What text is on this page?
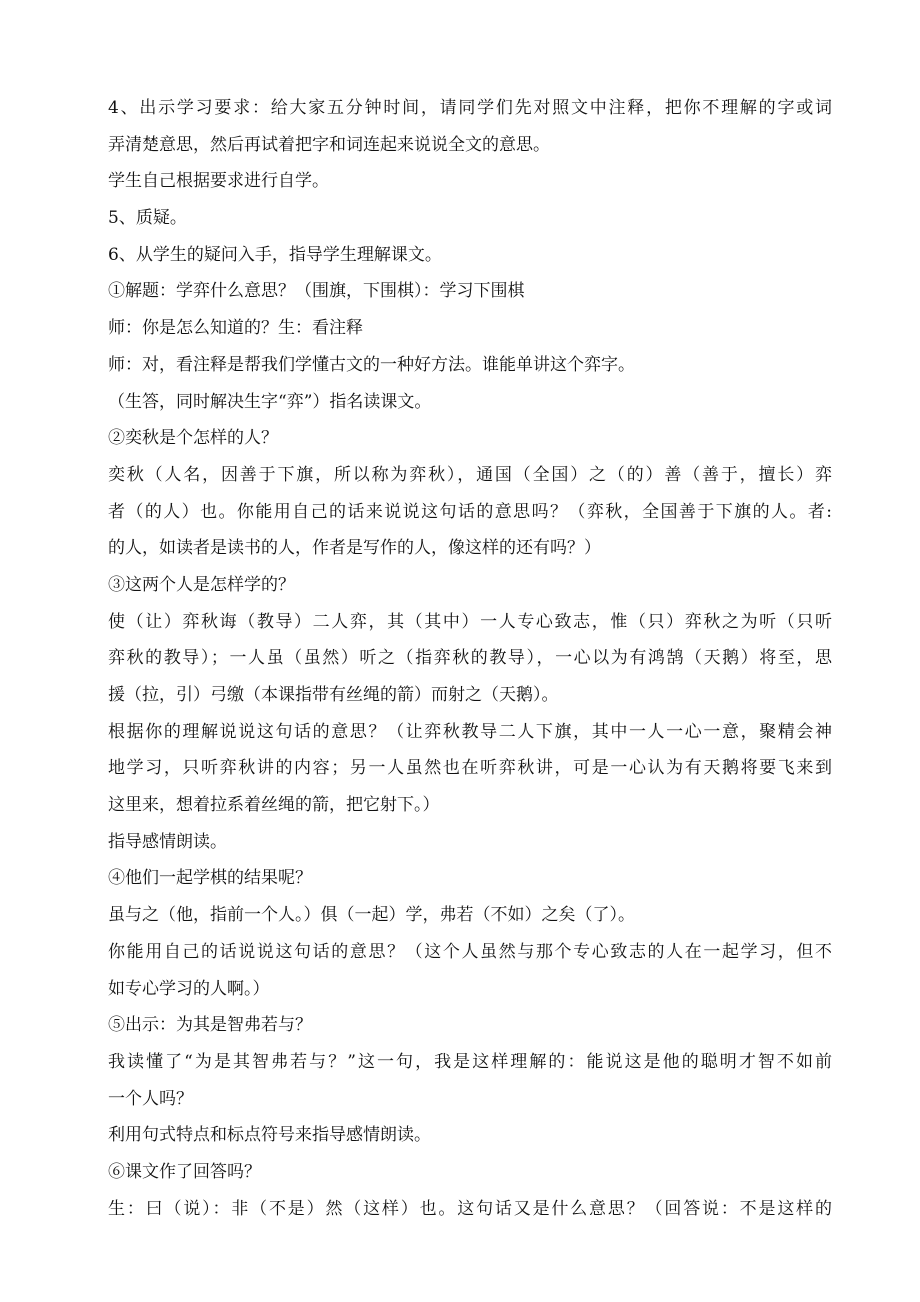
4、出示学习要求：给大家五分钟时间，请同学们先对照文中注释，把你不理解的字或词
弄清楚意思，然后再试着把字和词连起来说说全文的意思。
学生自己根据要求进行自学。
5、质疑。
6、从学生的疑问入手，指导学生理解课文。
①解题：学弈什么意思？（围旗，下围棋）：学习下围棋
师：你是怎么知道的？生：看注释
师：对，看注释是帮我们学懂古文的一种好方法。谁能单讲这个弈字。
（生答，同时解决生字“弈”）指名读课文。
②奕秋是个怎样的人？
奕秋（人名，因善于下旗，所以称为弈秋），通国（全国）之（的）善（善于，擅长）弈
者（的人）也。你能用自己的话来说说这句话的意思吗？（弈秋，全国善于下旗的人。者:
的人，如读者是读书的人，作者是写作的人，像这样的还有吗？）
③这两个人是怎样学的？
使（让）弈秋诲（教导）二人弈，其（其中）一人专心致志，惟（只）弈秋之为听（只听
弈秋的教导）；一人虽（虽然）听之（指弈秋的教导），一心以为有鸿鹄（天鹅）将至，思
援（拉，引）弓缴（本课指带有丝绳的箭）而射之（天鹅）。
根据你的理解说说这句话的意思？（让弈秋教导二人下旗，其中一人一心一意，聚精会神
地学习，只听弈秋讲的内容；另一人虽然也在听弈秋讲，可是一心认为有天鹅将要飞来到
这里来，想着拉系着丝绳的箭，把它射下。）
指导感情朗读。
④他们一起学棋的结果呢？
虽与之（他，指前一个人。）俱（一起）学，弗若（不如）之矣（了）。
你能用自己的话说说这句话的意思？（这个人虽然与那个专心致志的人在一起学习，但不
如专心学习的人啊。）
⑤出示：为其是智弗若与？
我读懂了“为是其智弗若与？”这一句，我是这样理解的：能说这是他的聪明才智不如前
一个人吗？
利用句式特点和标点符号来指导感情朗读。
⑥课文作了回答吗？
生：曰（说）：非（不是）然（这样）也。这句话又是什么意思？（回答说：不是这样的
